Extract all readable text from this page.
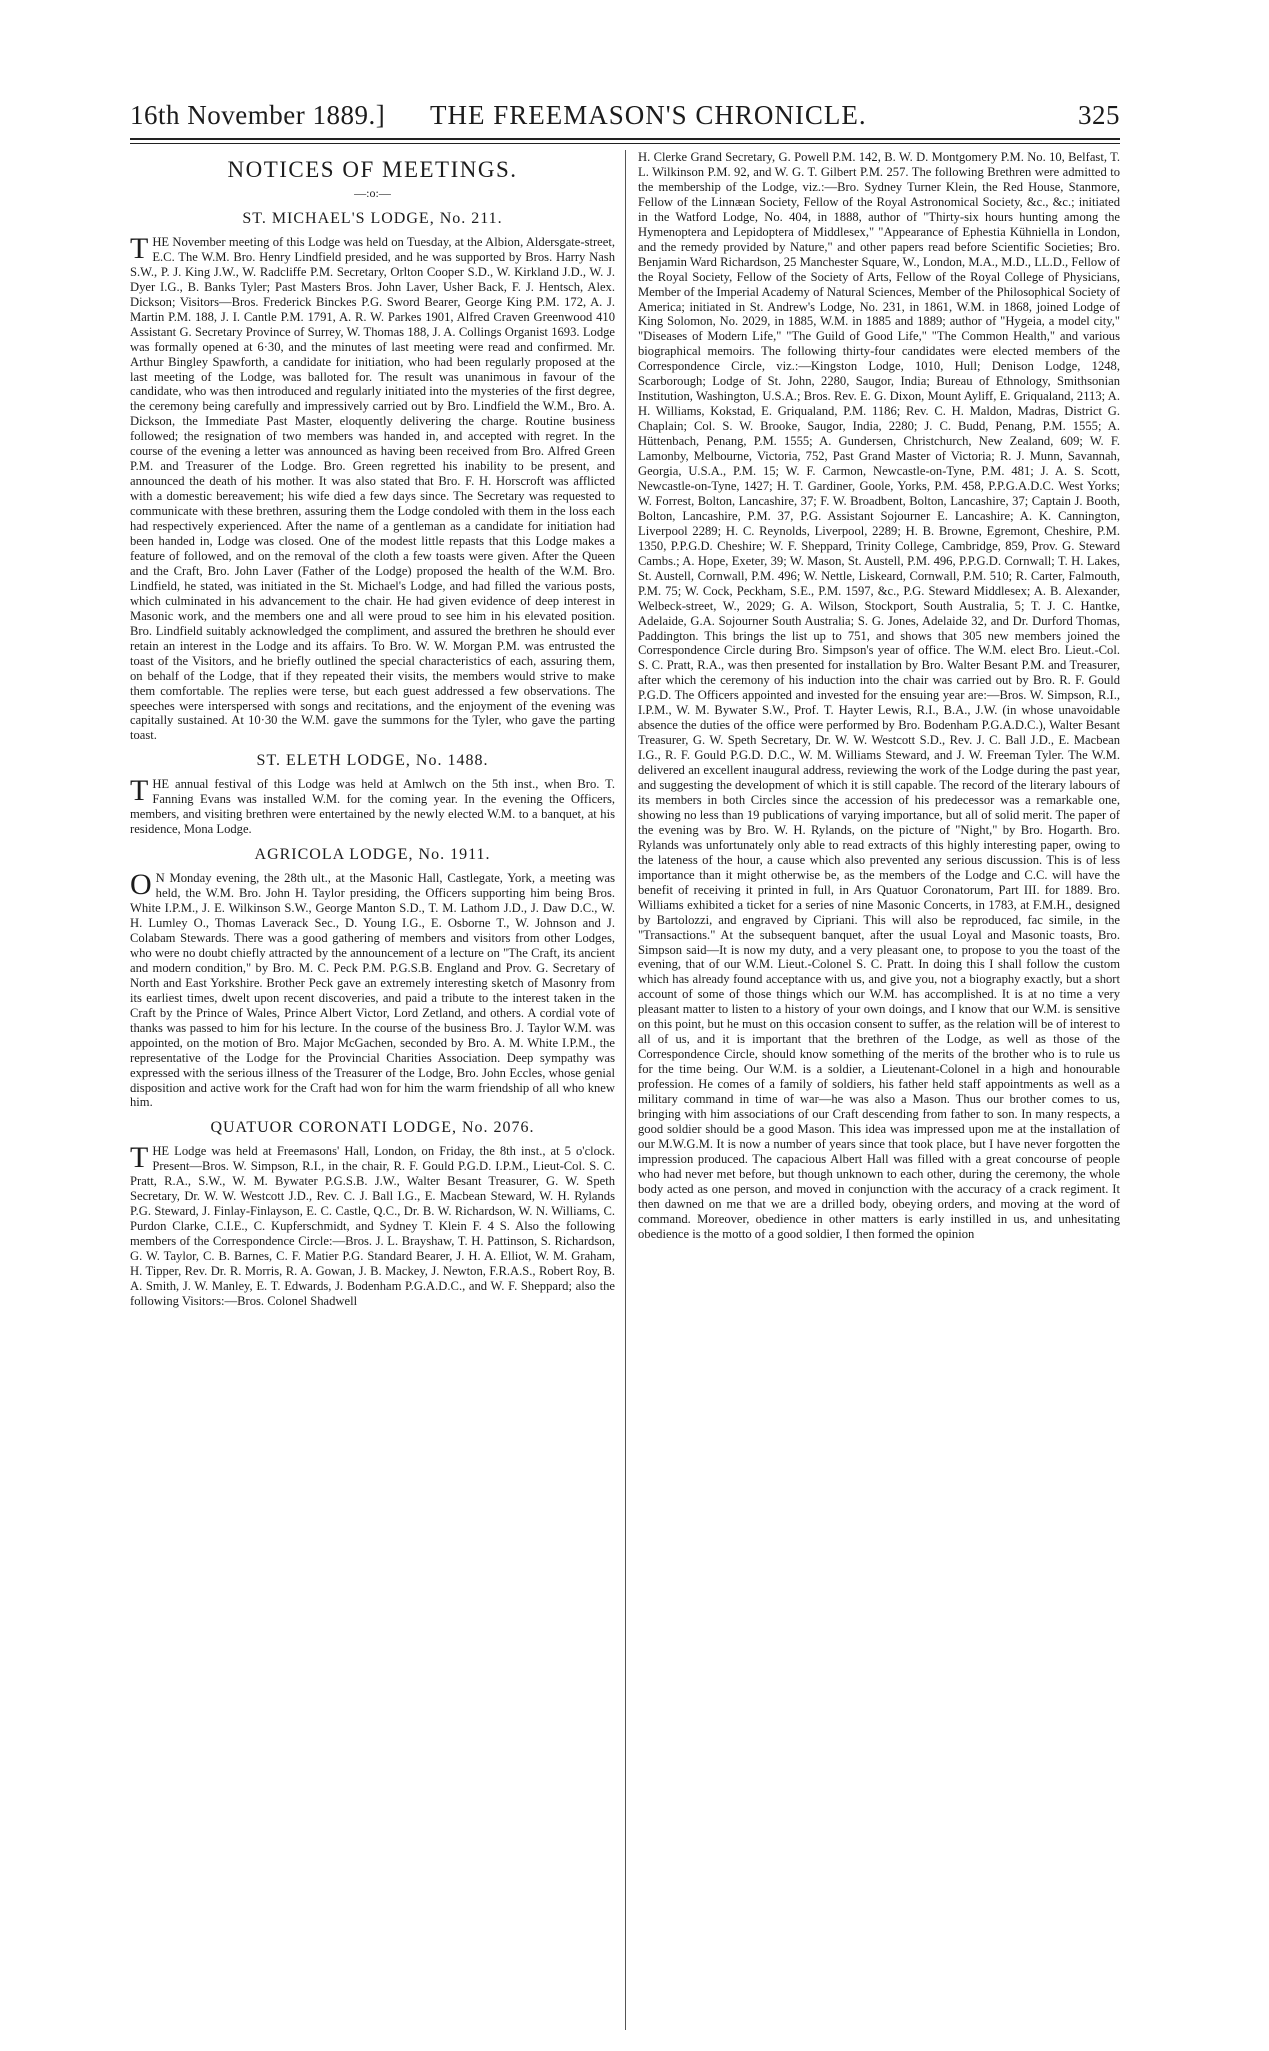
16th November 1889.] THE FREEMASON'S CHRONICLE.	325
NOTICES OF MEETINGS.
—:o:—
ST. MICHAEL'S LODGE, No. 211.

THE November meeting of this Lodge was held on Tuesday, at the Albion, Aldersgate-street, E.C. The W.M. Bro. Henry Lindfield presided, and he was supported by Bros. Harry Nash S.W., P. J. King J.W., W. Radcliffe P.M. Secretary, Orlton Cooper S.D., W. Kirkland J.D., W. J. Dyer I.G., B. Banks Tyler; Past Masters Bros. John Laver, Usher Back, F. J. Hentsch, Alex. Dickson; Visitors—Bros. Frederick Binckes P.G. Sword Bearer, George King P.M. 172, A. J. Martin P.M. 188, J. I. Cantle P.M. 1791, A. R. W. Parkes 1901, Alfred Craven Greenwood 410 Assistant G. Secretary Province of Surrey, W. Thomas 188, J. A. Collings Organist 1693. Lodge was formally opened at 6·30, and the minutes of last meeting were read and confirmed. Mr. Arthur Bingley Spawforth, a candidate for initiation, who had been regularly proposed at the last meeting of the Lodge, was balloted for. The result was unanimous in favour of the candidate, who was then introduced and regularly initiated into the mysteries of the first degree, the ceremony being carefully and impressively carried out by Bro. Lindfield the W.M., Bro. A. Dickson, the Immediate Past Master, eloquently delivering the charge. Routine business followed; the resignation of two members was handed in, and accepted with regret. In the course of the evening a letter was announced as having been received from Bro. Alfred Green P.M. and Treasurer of the Lodge. Bro. Green regretted his inability to be present, and announced the death of his mother. It was also stated that Bro. F. H. Horscroft was afflicted with a domestic bereavement; his wife died a few days since. The Secretary was requested to communicate with these brethren, assuring them the Lodge condoled with them in the loss each had respectively experienced. After the name of a gentleman as a candidate for initiation had been handed in, Lodge was closed. One of the modest little repasts that this Lodge makes a feature of followed, and on the removal of the cloth a few toasts were given. After the Queen and the Craft, Bro. John Laver (Father of the Lodge) proposed the health of the W.M. Bro. Lindfield, he stated, was initiated in the St. Michael's Lodge, and had filled the various posts, which culminated in his advancement to the chair. He had given evidence of deep interest in Masonic work, and the members one and all were proud to see him in his elevated position. Bro. Lindfield suitably acknowledged the compliment, and assured the brethren he should ever retain an interest in the Lodge and its affairs. To Bro. W. W. Morgan P.M. was entrusted the toast of the Visitors, and he briefly outlined the special characteristics of each, assuring them, on behalf of the Lodge, that if they repeated their visits, the members would strive to make them comfortable. The replies were terse, but each guest addressed a few observations. The speeches were interspersed with songs and recitations, and the enjoyment of the evening was capitally sustained. At 10·30 the W.M. gave the summons for the Tyler, who gave the parting toast.

ST. ELETH LODGE, No. 1488.

THE annual festival of this Lodge was held at Amlwch on the 5th inst., when Bro. T. Fanning Evans was installed W.M. for the coming year. In the evening the Officers, members, and visiting brethren were entertained by the newly elected W.M. to a banquet, at his residence, Mona Lodge.

AGRICOLA LODGE, No. 1911.

O N Monday evening, the 28th ult., at the Masonic Hall, Castlegate, York, a meeting was held, the W.M. Bro. John H. Taylor presiding, the Officers supporting him being Bros. White I.P.M., J. E. Wilkinson S.W., George Manton S.D., T. M. Lathom J.D., J. Daw D.C., W. H. Lumley O., Thomas Laverack Sec., D. Young I.G., E. Osborne T., W. Johnson and J. Colabam Stewards. There was a good gathering of members and visitors from other Lodges, who were no doubt chiefly attracted by the announcement of a lecture on "The Craft, its ancient and modern condition," by Bro. M. C. Peck P.M. P.G.S.B. England and Prov. G. Secretary of North and East Yorkshire. Brother Peck gave an extremely interesting sketch of Masonry from its earliest times, dwelt upon recent discoveries, and paid a tribute to the interest taken in the Craft by the Prince of Wales, Prince Albert Victor, Lord Zetland, and others. A cordial vote of thanks was passed to him for his lecture. In the course of the business Bro. J. Taylor W.M. was appointed, on the motion of Bro. Major McGachen, seconded by Bro. A. M. White I.P.M., the representative of the Lodge for the Provincial Charities Association. Deep sympathy was expressed with the serious illness of the Treasurer of the Lodge, Bro. John Eccles, whose genial disposition and active work for the Craft had won for him the warm friendship of all who knew him.

QUATUOR CORONATI LODGE, No. 2076.

THE Lodge was held at Freemasons' Hall, London, on Friday, the 8th inst., at 5 o'clock. Present—Bros. W. Simpson, R.I., in the chair, R. F. Gould P.G.D. I.P.M., Lieut-Col. S. C. Pratt, R.A., S.W., W. M. Bywater P.G.S.B. J.W., Walter Besant Treasurer, G. W. Speth Secretary, Dr. W. W. Westcott J.D., Rev. C. J. Ball I.G., E. Macbean Steward, W. H. Rylands P.G. Steward, J. Finlay-Finlayson, E. C. Castle, Q.C., Dr. B. W. Richardson, W. N. Williams, C. Purdon Clarke, C.I.E., C. Kupferschmidt, and Sydney T. Klein F. 4 S. Also the following members of the Correspondence Circle:—Bros. J. L. Brayshaw, T. H. Pattinson, S. Richardson, G. W. Taylor, C. B. Barnes, C. F. Matier P.G. Standard Bearer, J. H. A. Elliot, W. M. Graham, H. Tipper, Rev. Dr. R. Morris, R. A. Gowan, J. B. Mackey, J. Newton, F.R.A.S., Robert Roy, B. A. Smith, J. W. Manley, E. T. Edwards, J. Bodenham P.G.A.D.C., and W. F. Sheppard; also the following Visitors:—Bros. Colonel Shadwell

H. Clerke Grand Secretary, G. Powell P.M. 142, B. W. D. Montgomery P.M. No. 10, Belfast, T. L. Wilkinson P.M. 92, and W. G. T. Gilbert P.M. 257. The following Brethren were admitted to the membership of the Lodge, viz.:—Bro. Sydney Turner Klein, the Red House, Stanmore, Fellow of the Linnæan Society, Fellow of the Royal Astronomical Society, &c., &c.; initiated in the Watford Lodge, No. 404, in 1888, author of "Thirty-six hours hunting among the Hymenoptera and Lepidoptera of Middlesex," "Appearance of Ephestia Kühniella in London, and the remedy provided by Nature," and other papers read before Scientific Societies; Bro. Benjamin Ward Richardson, 25 Manchester Square, W., London, M.A., M.D., LL.D., Fellow of the Royal Society, Fellow of the Society of Arts, Fellow of the Royal College of Physicians, Member of the Imperial Academy of Natural Sciences, Member of the Philosophical Society of America; initiated in St. Andrew's Lodge, No. 231, in 1861, W.M. in 1868, joined Lodge of King Solomon, No. 2029, in 1885, W.M. in 1885 and 1889; author of "Hygeia, a model city," "Diseases of Modern Life," "The Guild of Good Life," "The Common Health," and various biographical memoirs. The following thirty-four candidates were elected members of the Correspondence Circle, viz.:—Kingston Lodge, 1010, Hull; Denison Lodge, 1248, Scarborough; Lodge of St. John, 2280, Saugor, India; Bureau of Ethnology, Smithsonian Institution, Washington, U.S.A.; Bros. Rev. E. G. Dixon, Mount Ayliff, E. Griqualand, 2113; A. H. Williams, Kokstad, E. Griqualand, P.M. 1186; Rev. C. H. Maldon, Madras, District G. Chaplain; Col. S. W. Brooke, Saugor, India, 2280; J. C. Budd, Penang, P.M. 1555; A. Hüttenbach, Penang, P.M. 1555; A. Gundersen, Christchurch, New Zealand, 609; W. F. Lamonby, Melbourne, Victoria, 752, Past Grand Master of Victoria; R. J. Munn, Savannah, Georgia, U.S.A., P.M. 15; W. F. Carmon, Newcastle-on-Tyne, P.M. 481; J. A. S. Scott, Newcastle-on-Tyne, 1427; H. T. Gardiner, Goole, Yorks, P.M. 458, P.P.G.A.D.C. West Yorks; W. Forrest, Bolton, Lancashire, 37; F. W. Broadbent, Bolton, Lancashire, 37; Captain J. Booth, Bolton, Lancashire, P.M. 37, P.G. Assistant Sojourner E. Lancashire; A. K. Cannington, Liverpool 2289; H. C. Reynolds, Liverpool, 2289; H. B. Browne, Egremont, Cheshire, P.M. 1350, P.P.G.D. Cheshire; W. F. Sheppard, Trinity College, Cambridge, 859, Prov. G. Steward Cambs.; A. Hope, Exeter, 39; W. Mason, St. Austell, P.M. 496, P.P.G.D. Cornwall; T. H. Lakes, St. Austell, Cornwall, P.M. 496; W. Nettle, Liskeard, Cornwall, P.M. 510; R. Carter, Falmouth, P.M. 75; W. Cock, Peckham, S.E., P.M. 1597, &c., P.G. Steward Middlesex; A. B. Alexander, Welbeck-street, W., 2029; G. A. Wilson, Stockport, South Australia, 5; T. J. C. Hantke, Adelaide, G.A. Sojourner South Australia; S. G. Jones, Adelaide 32, and Dr. Durford Thomas, Paddington. This brings the list up to 751, and shows that 305 new members joined the Correspondence Circle during Bro. Simpson's year of office. The W.M. elect Bro. Lieut.-Col. S. C. Pratt, R.A., was then presented for installation by Bro. Walter Besant P.M. and Treasurer, after which the ceremony of his induction into the chair was carried out by Bro. R. F. Gould P.G.D. The Officers appointed and invested for the ensuing year are:—Bros. W. Simpson, R.I., I.P.M., W. M. Bywater S.W., Prof. T. Hayter Lewis, R.I., B.A., J.W. (in whose unavoidable absence the duties of the office were performed by Bro. Bodenham P.G.A.D.C.), Walter Besant Treasurer, G. W. Speth Secretary, Dr. W. W. Westcott S.D., Rev. J. C. Ball J.D., E. Macbean I.G., R. F. Gould P.G.D. D.C., W. M. Williams Steward, and J. W. Freeman Tyler. The W.M. delivered an excellent inaugural address, reviewing the work of the Lodge during the past year, and suggesting the development of which it is still capable. The record of the literary labours of its members in both Circles since the accession of his predecessor was a remarkable one, showing no less than 19 publications of varying importance, but all of solid merit. The paper of the evening was by Bro. W. H. Rylands, on the picture of "Night," by Bro. Hogarth. Bro. Rylands was unfortunately only able to read extracts of this highly interesting paper, owing to the lateness of the hour, a cause which also prevented any serious discussion. This is of less importance than it might otherwise be, as the members of the Lodge and C.C. will have the benefit of receiving it printed in full, in Ars Quatuor Coronatorum, Part III. for 1889. Bro. Williams exhibited a ticket for a series of nine Masonic Concerts, in 1783, at F.M.H., designed by Bartolozzi, and engraved by Cipriani. This will also be reproduced, fac simile, in the "Transactions." At the subsequent banquet, after the usual Loyal and Masonic toasts, Bro. Simpson said—It is now my duty, and a very pleasant one, to propose to you the toast of the evening, that of our W.M. Lieut.-Colonel S. C. Pratt. In doing this I shall follow the custom which has already found acceptance with us, and give you, not a biography exactly, but a short account of some of those things which our W.M. has accomplished. It is at no time a very pleasant matter to listen to a history of your own doings, and I know that our W.M. is sensitive on this point, but he must on this occasion consent to suffer, as the relation will be of interest to all of us, and it is important that the brethren of the Lodge, as well as those of the Correspondence Circle, should know something of the merits of the brother who is to rule us for the time being. Our W.M. is a soldier, a Lieutenant-Colonel in a high and honourable profession. He comes of a family of soldiers, his father held staff appointments as well as a military command in time of war—he was also a Mason. Thus our brother comes to us, bringing with him associations of our Craft descending from father to son. In many respects, a good soldier should be a good Mason. This idea was impressed upon me at the installation of our M.W.G.M. It is now a number of years since that took place, but I have never forgotten the impression produced. The capacious Albert Hall was filled with a great concourse of people who had never met before, but though unknown to each other, during the ceremony, the whole body acted as one person, and moved in conjunction with the accuracy of a crack regiment. It then dawned on me that we are a drilled body, obeying orders, and moving at the word of command. Moreover, obedience in other matters is early instilled in us, and unhesitating obedience is the motto of a good soldier, I then formed the opinion
